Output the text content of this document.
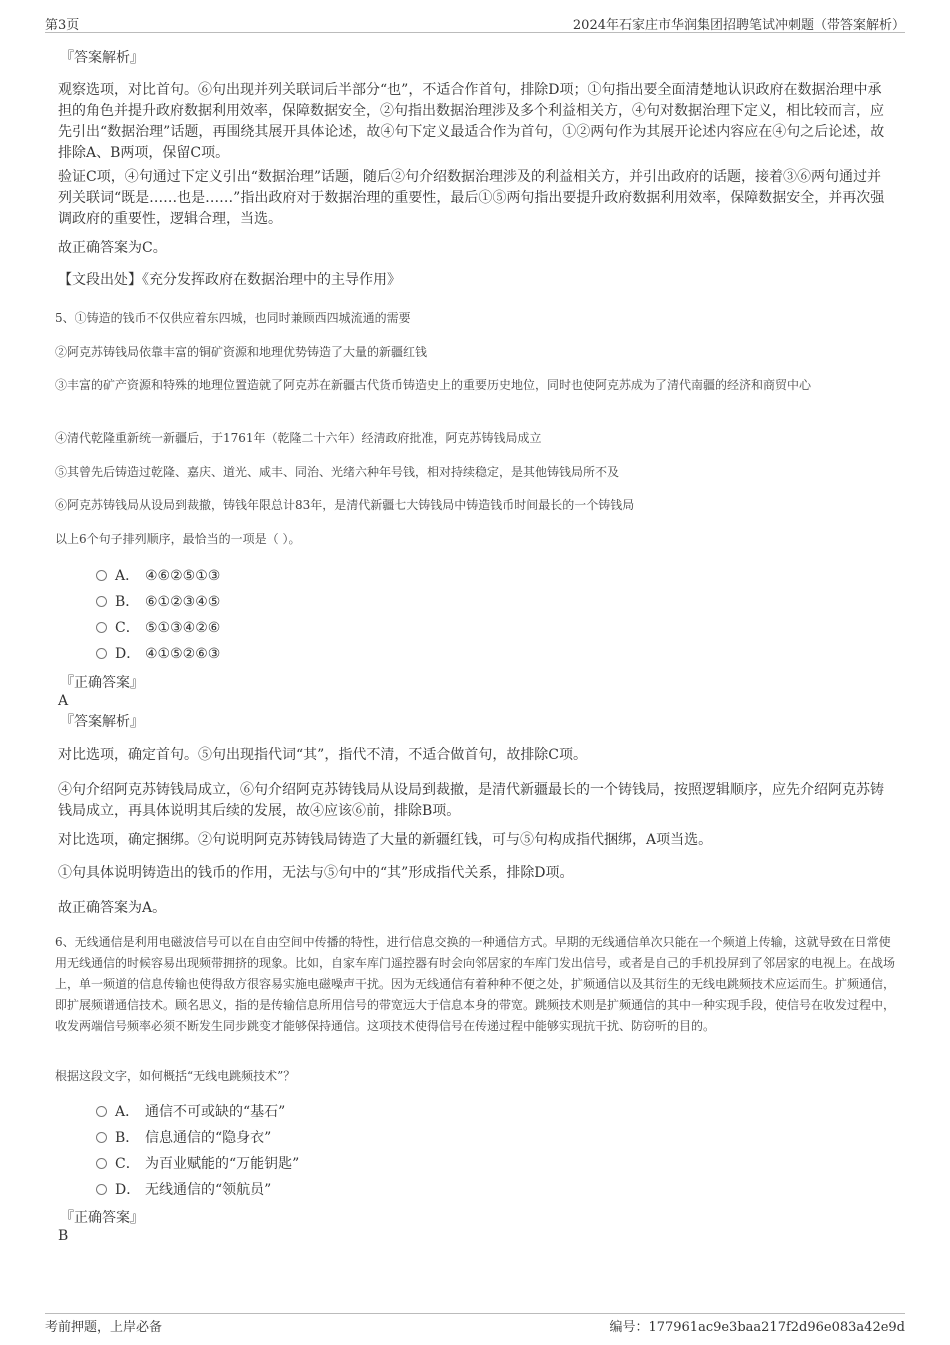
第3页	2024年石家庄市华润集团招聘笔试冲刺题（带答案解析）
『答案解析』
观察选项，对比首句。⑥句出现并列关联词后半部分“也”，不适合作首句，排除D项；①句指出要全面清楚地认识政府在数据治理中承担的角色并提升政府数据利用效率，保障数据安全，②句指出数据治理涉及多个利益相关方，④句对数据治理下定义，相比较而言，应先引出“数据治理”话题，再围绕其展开具体论述，故④句下定义最适合作为首句，①②两句作为其展开论述内容应在④句之后论述，故排除A、B两项，保留C项。
验证C项，④句通过下定义引出“数据治理”话题，随后②句介绍数据治理涉及的利益相关方，并引出政府的话题，接着③⑥两句通过并列关联词“既是……也是……”指出政府对于数据治理的重要性，最后①⑤两句指出要提升政府数据利用效率，保障数据安全，并再次强调政府的重要性，逻辑合理，当选。
故正确答案为C。
【文段出处】《充分发挥政府在数据治理中的主导作用》
5、①铸造的钱币不仅供应着东四城，也同时兼顾西四城流通的需要
②阿克苏铸钱局依靠丰富的铜矿资源和地理优势铸造了大量的新疆红钱
③丰富的矿产资源和特殊的地理位置造就了阿克苏在新疆古代货币铸造史上的重要历史地位，同时也使阿克苏成为了清代南疆的经济和商贸中心
④清代乾隆重新统一新疆后，于1761年（乾隆二十六年）经清政府批准，阿克苏铸钱局成立
⑤其曾先后铸造过乾隆、嘉庆、道光、咸丰、同治、光绪六种年号钱，相对持续稳定，是其他铸钱局所不及
⑥阿克苏铸钱局从设局到裁撤，铸钱年限总计83年，是清代新疆七大铸钱局中铸造钱币时间最长的一个铸钱局
以上6个句子排列顺序，最恰当的一项是（ ）。
A． ④⑥②⑤①③
B． ⑥①②③④⑤
C． ⑤①③④②⑥
D． ④①⑤②⑥③
『正确答案』
A
『答案解析』
对比选项，确定首句。⑤句出现指代词“其”，指代不清，不适合做首句，故排除C项。
④句介绍阿克苏铸钱局成立，⑥句介绍阿克苏铸钱局从设局到裁撤，是清代新疆最长的一个铸钱局，按照逻辑顺序，应先介绍阿克苏铸钱局成立，再具体说明其后续的发展，故④应该⑥前，排除B项。
对比选项，确定捆绑。②句说明阿克苏铸钱局铸造了大量的新疆红钱，可与⑤句构成指代捆绑，A项当选。
①句具体说明铸造出的钱币的作用，无法与⑤句中的“其”形成指代关系，排除D项。
故正确答案为A。
6、无线通信是利用电磁波信号可以在自由空间中传播的特性，进行信息交换的一种通信方式。早期的无线通信单次只能在一个频道上传输，这就导致在日常使用无线通信的时候容易出现频带拥挤的现象。比如，自家车库门遥控器有时会向邻居家的车库门发出信号，或者是自己的手机投屏到了邻居家的电视上。在战场上，单一频道的信息传输也使得敌方很容易实施电磁噪声干扰。因为无线通信有着种种不便之处，扩频通信以及其衍生的无线电跳频技术应运而生。扩频通信，即扩展频谱通信技术。顾名思义，指的是传输信息所用信号的带宽远大于信息本身的带宽。跳频技术则是扩频通信的其中一种实现手段，使信号在收发过程中，收发两端信号频率必须不断发生同步跳变才能够保持通信。这项技术使得信号在传递过程中能够实现抗干扰、防窃听的目的。
根据这段文字，如何概括“无线电跳频技术”？
A． 通信不可或缺的“基石”
B． 信息通信的“隐身衣”
C． 为百业赋能的“万能钥匙”
D． 无线通信的“领航员”
『正确答案』
B
考前押题，上岸必备	编号：177961ac9e3baa217f2d96e083a42e9d
